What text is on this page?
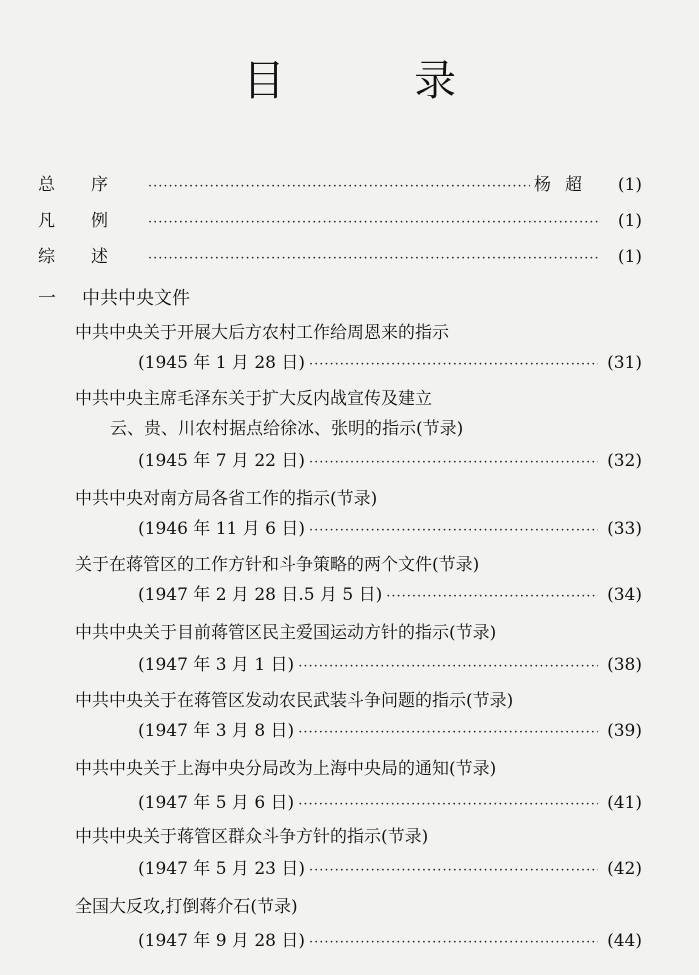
目 录
总序 ·····	杨超	(1)
凡例 ·····	(1)
综述 ·····	(1)
一 中共中央文件
中共中央关于开展大后方农村工作给周恩来的指示
(1945 年 1 月 28 日) ·····	(31)
中共中央主席毛泽东关于扩大反内战宣传及建立
云、贵、川农村据点给徐冰、张明的指示(节录)
(1945 年 7 月 22 日) ·····	(32)
中共中央对南方局各省工作的指示(节录)
(1946 年 11 月 6 日) ·····	(33)
关于在蒋管区的工作方针和斗争策略的两个文件(节录)
(1947 年 2 月 28 日.5 月 5 日) ·····	(34)
中共中央关于目前蒋管区民主爱国运动方针的指示(节录)
(1947 年 3 月 1 日) ·····	(38)
中共中央关于在蒋管区发动农民武装斗争问题的指示(节录)
(1947 年 3 月 8 日) ·····	(39)
中共中央关于上海中央分局改为上海中央局的通知(节录)
(1947 年 5 月 6 日) ·····	(41)
中共中央关于蒋管区群众斗争方针的指示(节录)
(1947 年 5 月 23 日) ·····	(42)
全国大反攻,打倒蒋介石(节录)
(1947 年 9 月 28 日) ·····	(44)
